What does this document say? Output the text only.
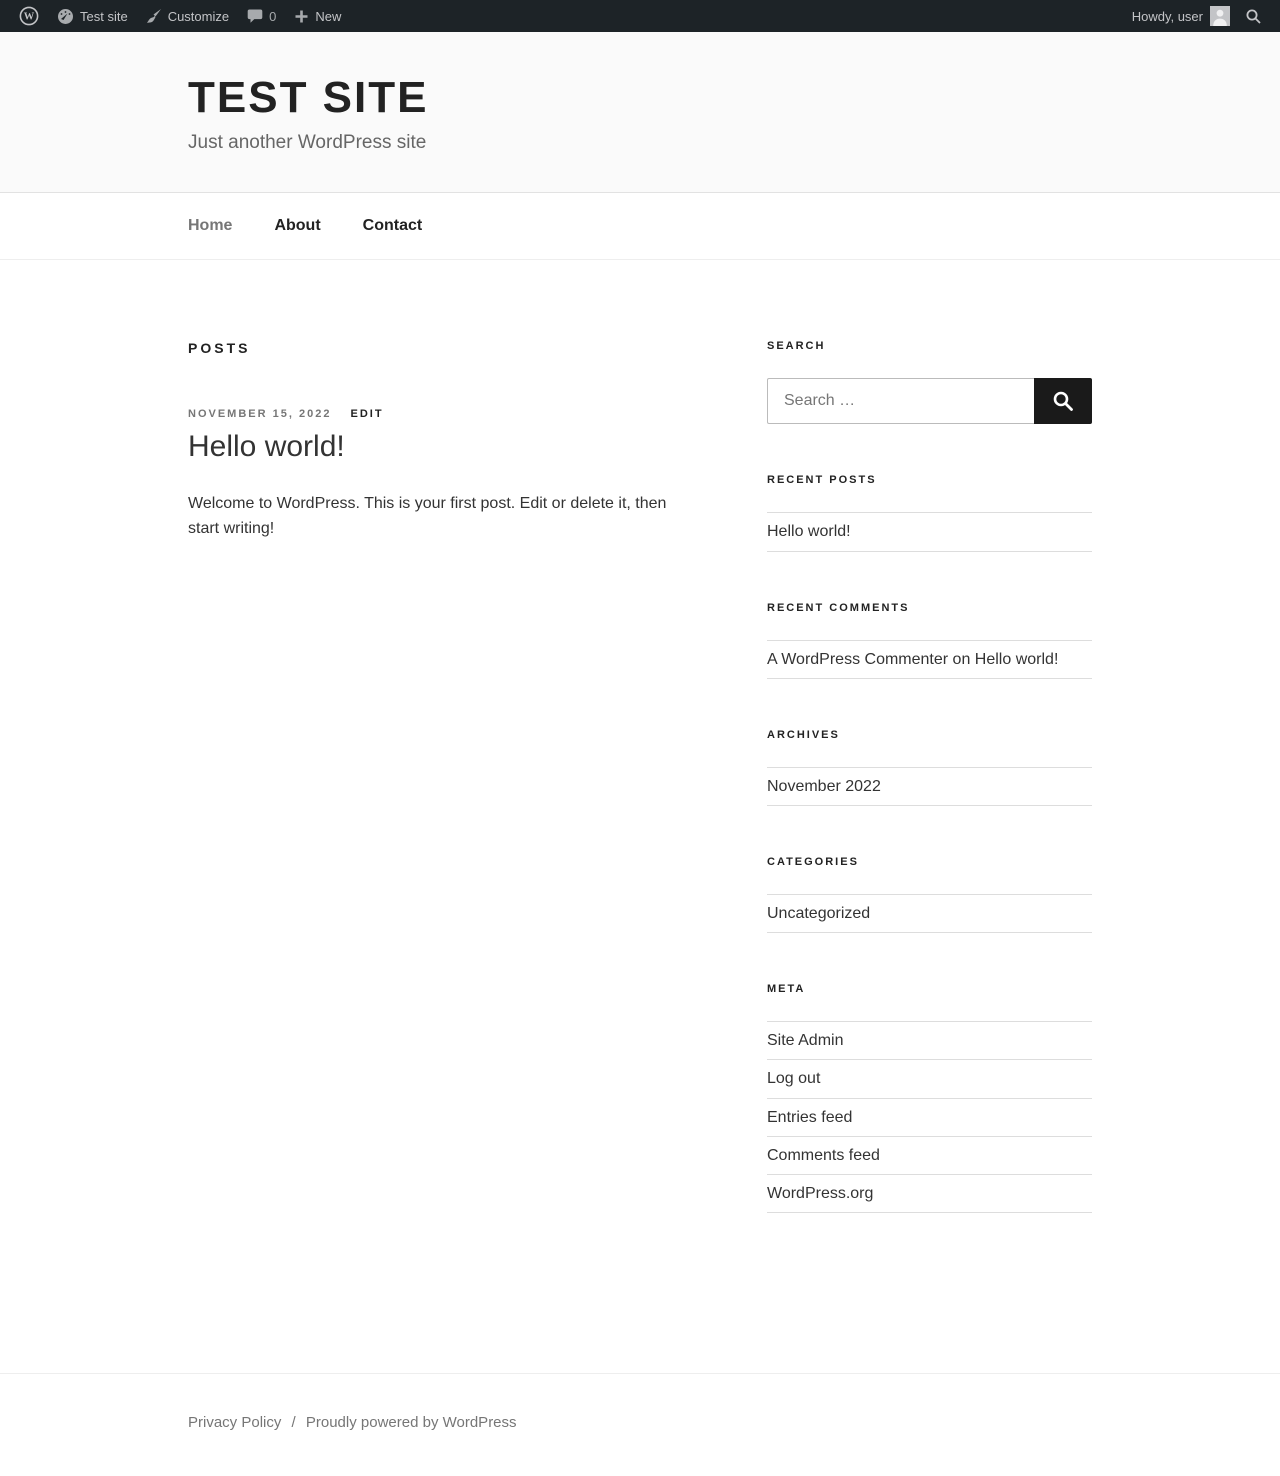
W	Test site	Customize	0	New	Howdy, user
TEST SITE
Just another WordPress site
Home	About	Contact
POSTS
NOVEMBER 15, 2022 EDIT
Hello world!

Welcome to WordPress. This is your first post. Edit or delete it, then start writing!

SEARCH
Search …
RECENT POSTS
Hello world!
RECENT COMMENTS
A WordPress Commenter on Hello world!
ARCHIVES
November 2022
CATEGORIES
Uncategorized
META
Site Admin
Log out
Entries feed
Comments feed
WordPress.org
Privacy Policy / Proudly powered by WordPress
